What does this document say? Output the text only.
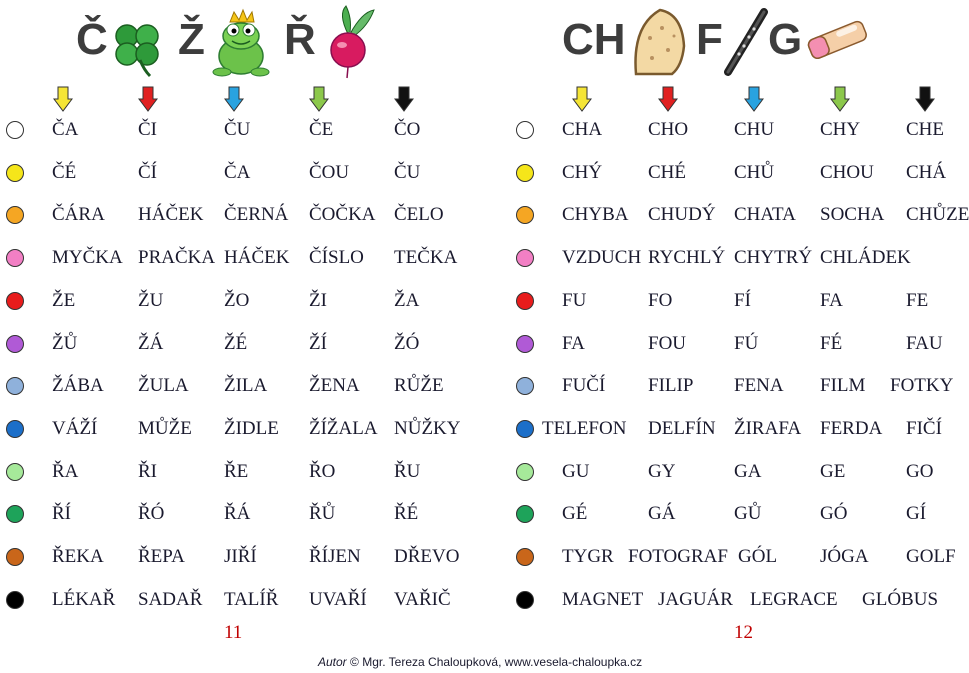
Č Ž Ř
ČA	ČI	ČU	ČE	ČO
ČÉ	ČÍ	ČA	ČOU ČU
ČÁRA HÁČEK ČERNÁ ČOČKA ČELO
MYČKA PRAČKA HÁČEK ČÍSLO TEČKA
ŽE	ŽU	ŽO	ŽI	ŽA
ŽŮ	ŽÁ	ŽÉ	ŽÍ	ŽÓ
ŽÁBA ŽULA ŽILA ŽENA RŮŽE
VÁŽÍ MŮŽE ŽIDLE ŽÍŽALA NŮŽKY
ŘA	ŘI	ŘE	ŘO	ŘU
ŘÍ	ŘÓ	ŘÁ	ŘŮ	ŘÉ
ŘEKA ŘEPA JIŘÍ	ŘÍJEN DŘEVO
LÉKAŘ SADAŘ TALÍŘ UVAŘÍ VAŘIČ
11
CH F G
CHA CHO CHU CHY CHE
CHÝ CHÉ	CHŮ CHOU CHÁ
CHYBA CHUDÝ CHATA SOCHA CHŮZE
VZDUCH RYCHLÝ CHYTRÝ CHLÁDEK
FU	FO	FÍ	FA	FE
FA	FOU	FÚ	FÉ	FAU
FUČÍ FILIP FENA FILM FOTKY
TELEFON DELFÍN ŽIRAFA FERDA FIČÍ
GU	GY	GA	GE	GO
GÉ	GÁ	GŮ	GÓ	GÍ
TYGR FOTOGRAF GÓL JÓGA GOLF
MAGNET JAGUÁR LEGRACE GLÓBUS
12
Autor © Mgr. Tereza Chaloupková, www.vesela-chaloupka.cz
